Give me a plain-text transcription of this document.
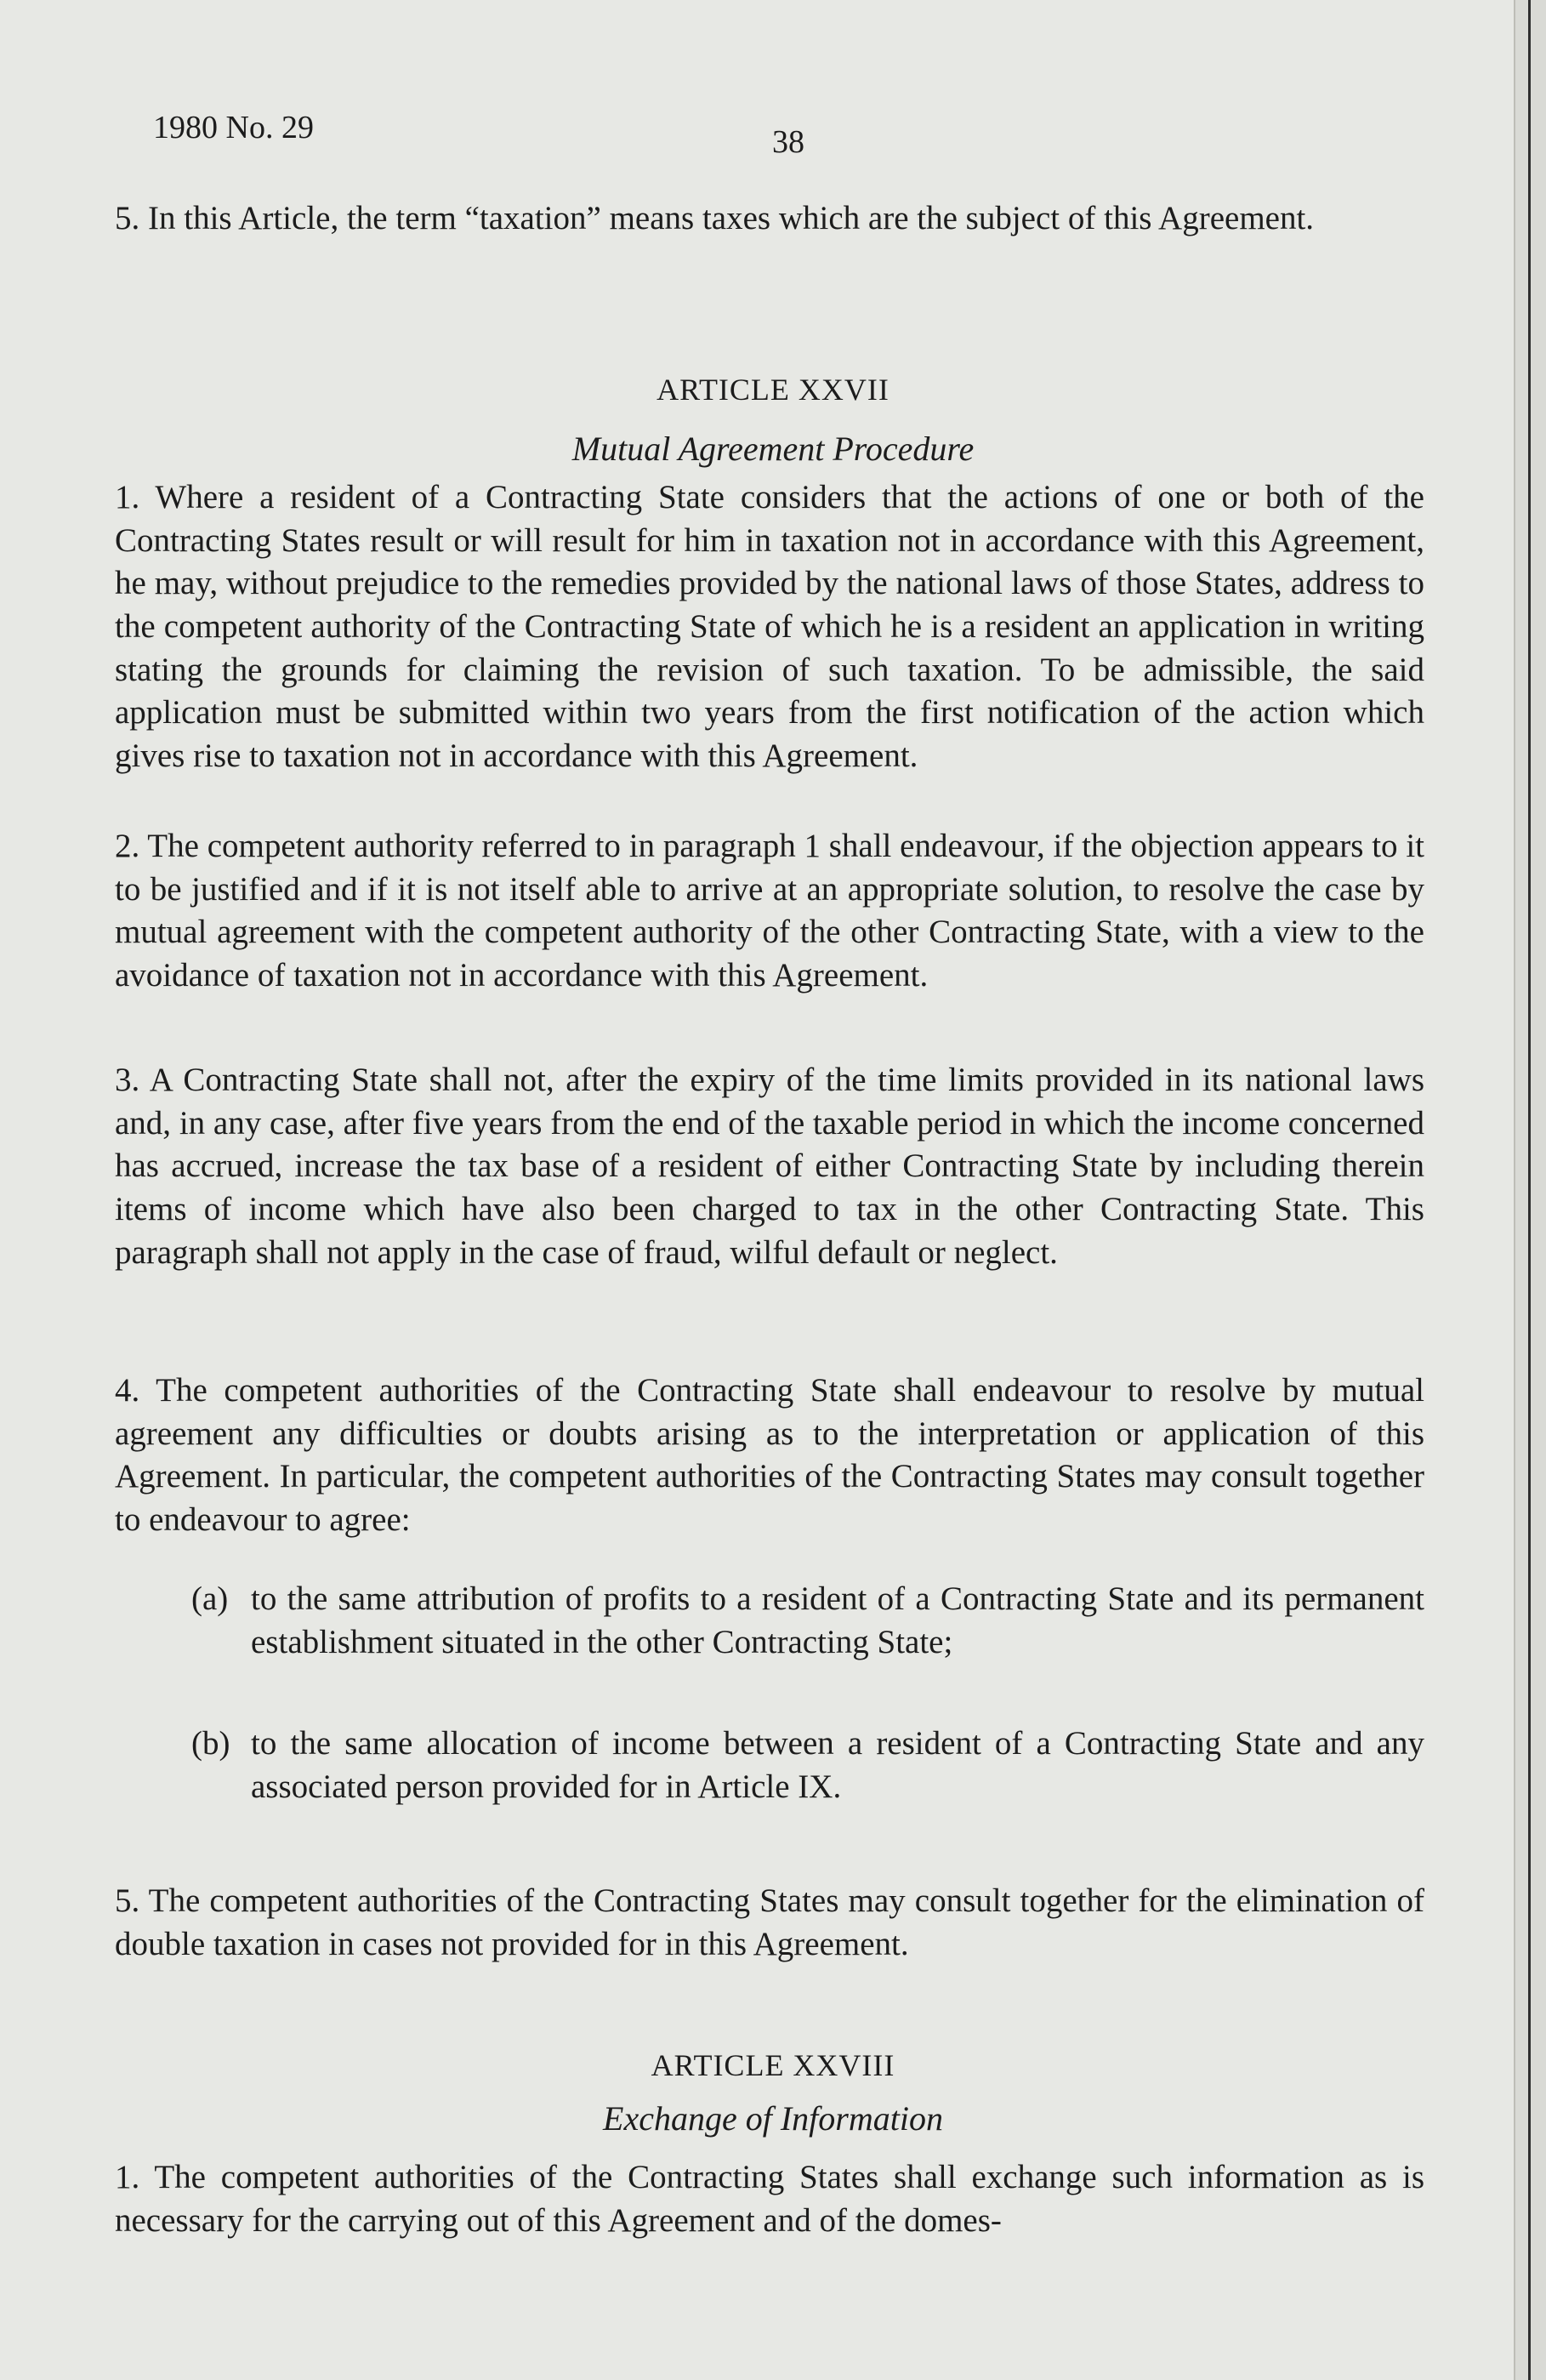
1980 No. 29	38
5. In this Article, the term “taxation” means taxes which are the subject of this Agreement.
ARTICLE XXVII
Mutual Agreement Procedure
1. Where a resident of a Contracting State considers that the actions of one or both of the Contracting States result or will result for him in taxation not in accordance with this Agreement, he may, without prejudice to the remedies provided by the national laws of those States, address to the competent authority of the Contracting State of which he is a resident an application in writing stating the grounds for claiming the revision of such taxation. To be admissible, the said application must be submitted within two years from the first notification of the action which gives rise to taxation not in accordance with this Agreement.
2. The competent authority referred to in paragraph 1 shall endeavour, if the objection appears to it to be justified and if it is not itself able to arrive at an appropriate solution, to resolve the case by mutual agreement with the competent authority of the other Contracting State, with a view to the avoidance of taxation not in accordance with this Agreement.
3. A Contracting State shall not, after the expiry of the time limits provided in its national laws and, in any case, after five years from the end of the taxable period in which the income concerned has accrued, increase the tax base of a resident of either Contracting State by including therein items of income which have also been charged to tax in the other Contracting State. This paragraph shall not apply in the case of fraud, wilful default or neglect.
4. The competent authorities of the Contracting State shall endeavour to resolve by mutual agreement any difficulties or doubts arising as to the interpretation or application of this Agreement. In particular, the competent authorities of the Contracting States may consult together to endeavour to agree:
(a) to the same attribution of profits to a resident of a Contracting State and its permanent establishment situated in the other Contracting State;
(b) to the same allocation of income between a resident of a Contracting State and any associated person provided for in Article IX.
5. The competent authorities of the Contracting States may consult together for the elimination of double taxation in cases not provided for in this Agreement.
ARTICLE XXVIII
Exchange of Information
1. The competent authorities of the Contracting States shall exchange such information as is necessary for the carrying out of this Agreement and of the domes-
